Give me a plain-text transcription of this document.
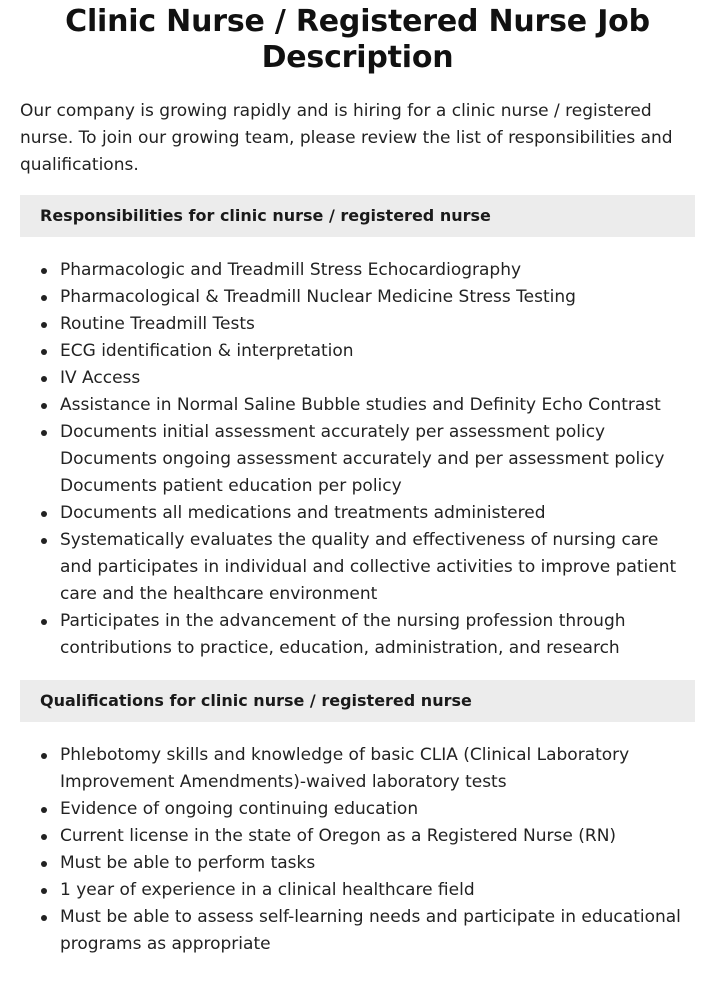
Clinic Nurse / Registered Nurse Job Description

Our company is growing rapidly and is hiring for a clinic nurse / registered nurse. To join our growing team, please review the list of responsibilities and qualifications.

Responsibilities for clinic nurse / registered nurse
Pharmacologic and Treadmill Stress Echocardiography
Pharmacological & Treadmill Nuclear Medicine Stress Testing
Routine Treadmill Tests
ECG identification & interpretation
IV Access
Assistance in Normal Saline Bubble studies and Definity Echo Contrast
Documents initial assessment accurately per assessment policy Documents ongoing assessment accurately and per assessment policy Documents patient education per policy
Documents all medications and treatments administered
Systematically evaluates the quality and effectiveness of nursing care and participates in individual and collective activities to improve patient care and the healthcare environment
Participates in the advancement of the nursing profession through contributions to practice, education, administration, and research
Qualifications for clinic nurse / registered nurse
Phlebotomy skills and knowledge of basic CLIA (Clinical Laboratory Improvement Amendments)-waived laboratory tests
Evidence of ongoing continuing education
Current license in the state of Oregon as a Registered Nurse (RN)
Must be able to perform tasks
1 year of experience in a clinical healthcare field
Must be able to assess self-learning needs and participate in educational programs as appropriate
